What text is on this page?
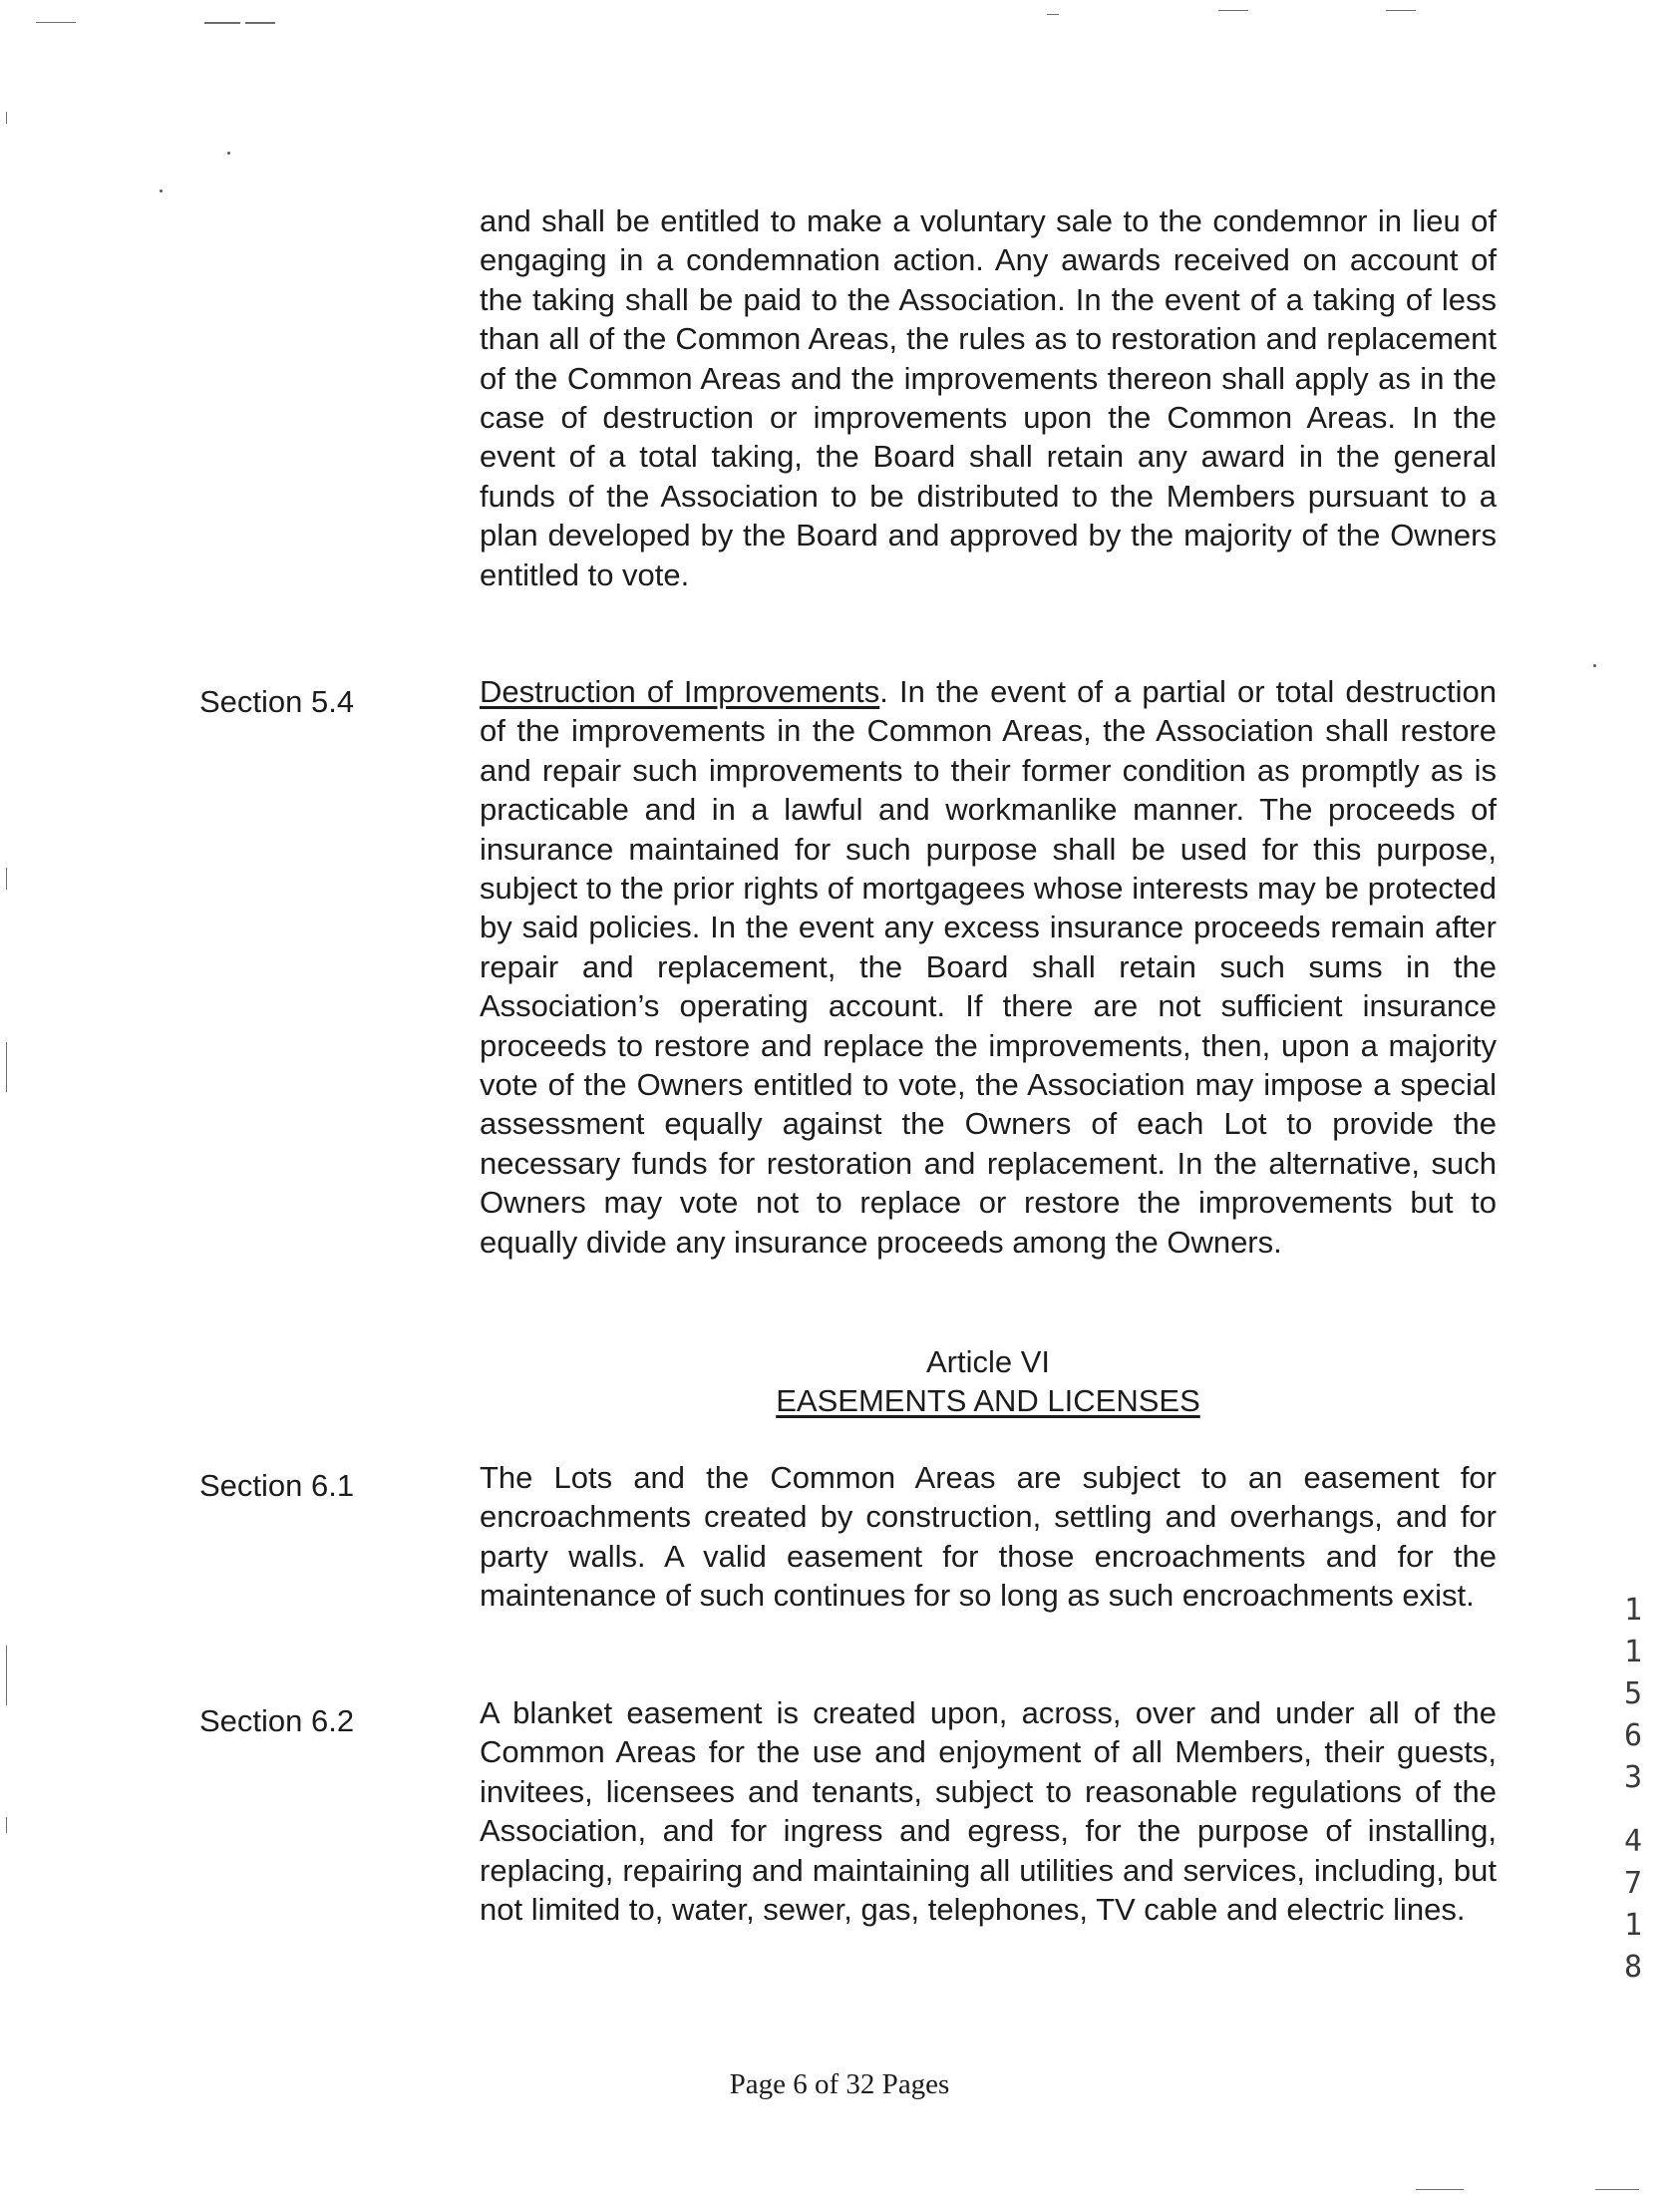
and shall be entitled to make a voluntary sale to the condemnor in lieu of engaging in a condemnation action. Any awards received on account of the taking shall be paid to the Association. In the event of a taking of less than all of the Common Areas, the rules as to restoration and replacement of the Common Areas and the improvements thereon shall apply as in the case of destruction or improvements upon the Common Areas. In the event of a total taking, the Board shall retain any award in the general funds of the Association to be distributed to the Members pursuant to a plan developed by the Board and approved by the majority of the Owners entitled to vote.

Section 5.4	Destruction of Improvements. In the event of a partial or total destruction of the improvements in the Common Areas, the Association shall restore and repair such improvements to their former condition as promptly as is practicable and in a lawful and workmanlike manner. The proceeds of insurance maintained for such purpose shall be used for this purpose, subject to the prior rights of mortgagees whose interests may be protected by said policies. In the event any excess insurance proceeds remain after repair and replacement, the Board shall retain such sums in the Association’s operating account. If there are not sufficient insurance proceeds to restore and replace the improvements, then, upon a majority vote of the Owners entitled to vote, the Association may impose a special assessment equally against the Owners of each Lot to provide the necessary funds for restoration and replacement. In the alternative, such Owners may vote not to replace or restore the improvements but to equally divide any insurance proceeds among the Owners.

Article VI
EASEMENTS AND LICENSES

Section 6.1	The Lots and the Common Areas are subject to an easement for encroachments created by construction, settling and overhangs, and for party walls. A valid easement for those encroachments and for the maintenance of such continues for so long as such encroachments exist.

Section 6.2	A blanket easement is created upon, across, over and under all of the Common Areas for the use and enjoyment of all Members, their guests, invitees, licensees and tenants, subject to reasonable regulations of the Association, and for ingress and egress, for the purpose of installing, replacing, repairing and maintaining all utilities and services, including, but not limited to, water, sewer, gas, telephones, TV cable and electric lines.

Page 6 of 32 Pages
1
1
5
6
3
4
7
1
8
